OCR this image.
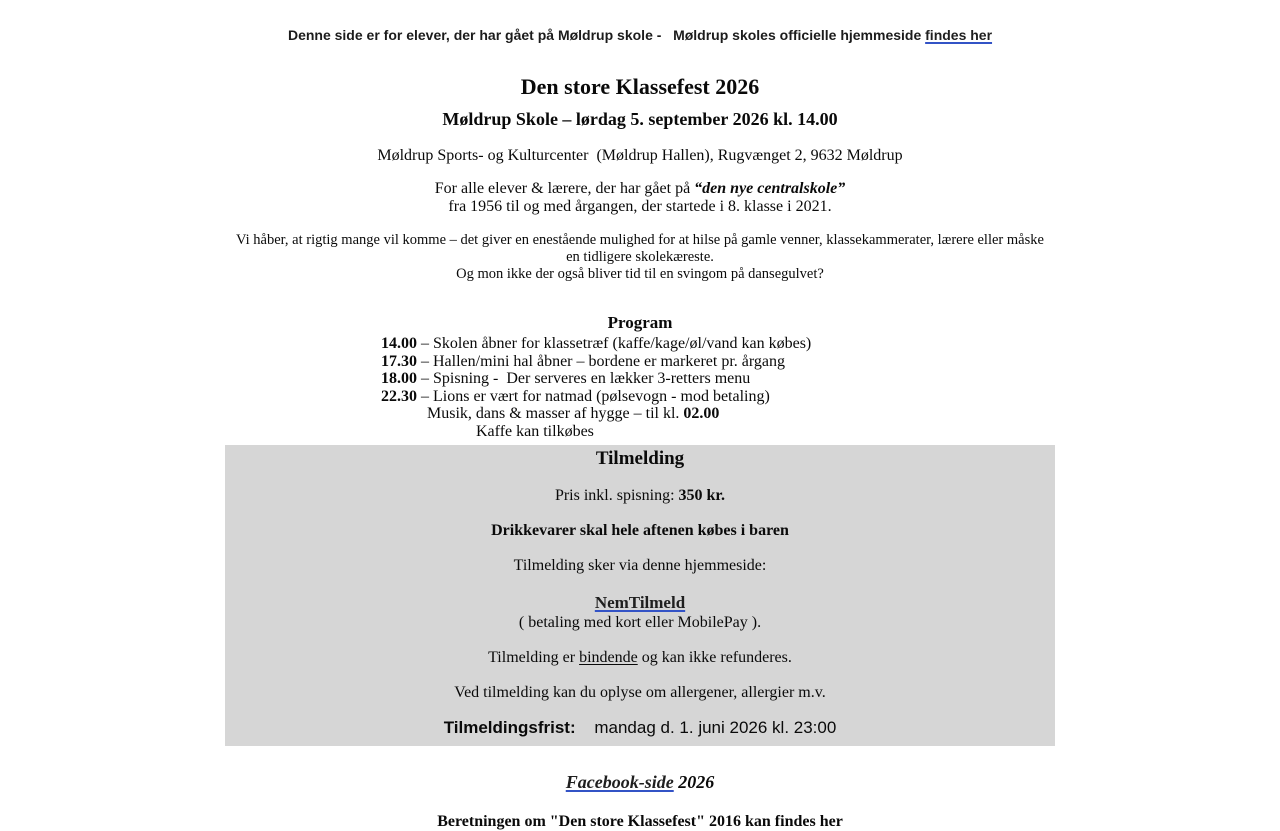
Denne side er for elever, der har gået på Møldrup skole -   Møldrup skoles officielle hjemmeside findes her
Den store Klassefest 2026
Møldrup Skole – lørdag 5. september 2026 kl. 14.00
Møldrup Sports- og Kulturcenter  (Møldrup Hallen), Rugvænget 2, 9632 Møldrup
For alle elever & lærere, der har gået på “den nye centralskole”
fra 1956 til og med årgangen, der startede i 8. klasse i 2021.
Vi håber, at rigtig mange vil komme – det giver en enestående mulighed for at hilse på gamle venner, klassekammerater, lærere eller måske
en tidligere skolekæreste.
Og mon ikke der også bliver tid til en svingom på dansegulvet?
Program
14.00 – Skolen åbner for klassetræf (kaffe/kage/øl/vand kan købes)
17.30 – Hallen/mini hal åbner – bordene er markeret pr. årgang
18.00 – Spisning -  Der serveres en lækker 3-retters menu
22.30 – Lions er vært for natmad (pølsevogn - mod betaling)
Musik, dans & masser af hygge – til kl. 02.00
Kaffe kan tilkøbes
Tilmelding
Pris inkl. spisning: 350 kr.
Drikkevarer skal hele aftenen købes i baren
Tilmelding sker via denne hjemmeside:
NemTilmeld
( betaling med kort eller MobilePay ).
Tilmelding er bindende og kan ikke refunderes.
Ved tilmelding kan du oplyse om allergener, allergier m.v.
Tilmeldingsfrist: mandag d. 1. juni 2026 kl. 23:00
Facebook-side 2026
Beretningen om "Den store Klassefest" 2016 kan findes her
